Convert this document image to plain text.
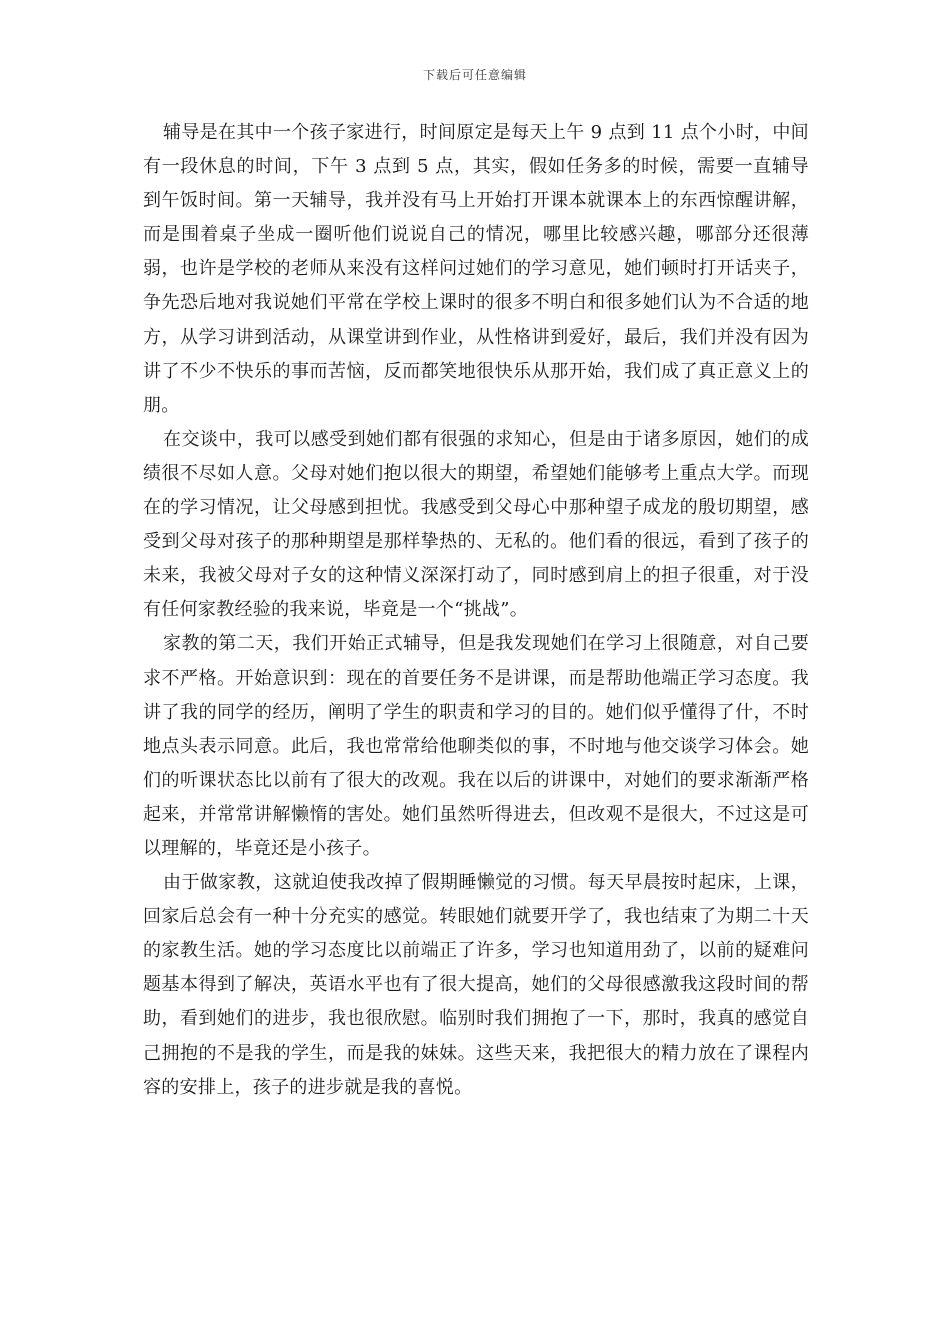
下载后可任意编辑

辅导是在其中一个孩子家进行，时间原定是每天上午 9 点到 11 点个小时，中间有一段休息的时间，下午 3 点到 5 点，其实，假如任务多的时候，需要一直辅导到午饭时间。第一天辅导，我并没有马上开始打开课本就课本上的东西惊醒讲解，而是围着桌子坐成一圈听他们说说自己的情况，哪里比较感兴趣，哪部分还很薄弱，也许是学校的老师从来没有这样问过她们的学习意见，她们顿时打开话夹子，争先恐后地对我说她们平常在学校上课时的很多不明白和很多她们认为不合适的地方，从学习讲到活动，从课堂讲到作业，从性格讲到爱好，最后，我们并没有因为讲了不少不快乐的事而苦恼，反而都笑地很快乐从那开始，我们成了真正意义上的朋。

在交谈中，我可以感受到她们都有很强的求知心，但是由于诸多原因，她们的成绩很不尽如人意。父母对她们抱以很大的期望，希望她们能够考上重点大学。而现在的学习情况，让父母感到担忧。我感受到父母心中那种望子成龙的殷切期望，感受到父母对孩子的那种期望是那样挚热的、无私的。他们看的很远，看到了孩子的未来，我被父母对子女的这种情义深深打动了，同时感到肩上的担子很重，对于没有任何家教经验的我来说，毕竟是一个“挑战”。

家教的第二天，我们开始正式辅导，但是我发现她们在学习上很随意，对自己要求不严格。开始意识到：现在的首要任务不是讲课，而是帮助他端正学习态度。我讲了我的同学的经历，阐明了学生的职责和学习的目的。她们似乎懂得了什，不时地点头表示同意。此后，我也常常给他聊类似的事，不时地与他交谈学习体会。她们的听课状态比以前有了很大的改观。我在以后的讲课中，对她们的要求渐渐严格起来，并常常讲解懒惰的害处。她们虽然听得进去，但改观不是很大，不过这是可以理解的，毕竟还是小孩子。

由于做家教，这就迫使我改掉了假期睡懒觉的习惯。每天早晨按时起床，上课，回家后总会有一种十分充实的感觉。转眼她们就要开学了，我也结束了为期二十天的家教生活。她的学习态度比以前端正了许多，学习也知道用劲了，以前的疑难问题基本得到了解决，英语水平也有了很大提高，她们的父母很感激我这段时间的帮助，看到她们的进步，我也很欣慰。临别时我们拥抱了一下，那时，我真的感觉自己拥抱的不是我的学生，而是我的妹妹。这些天来，我把很大的精力放在了课程内容的安排上，孩子的进步就是我的喜悦。
